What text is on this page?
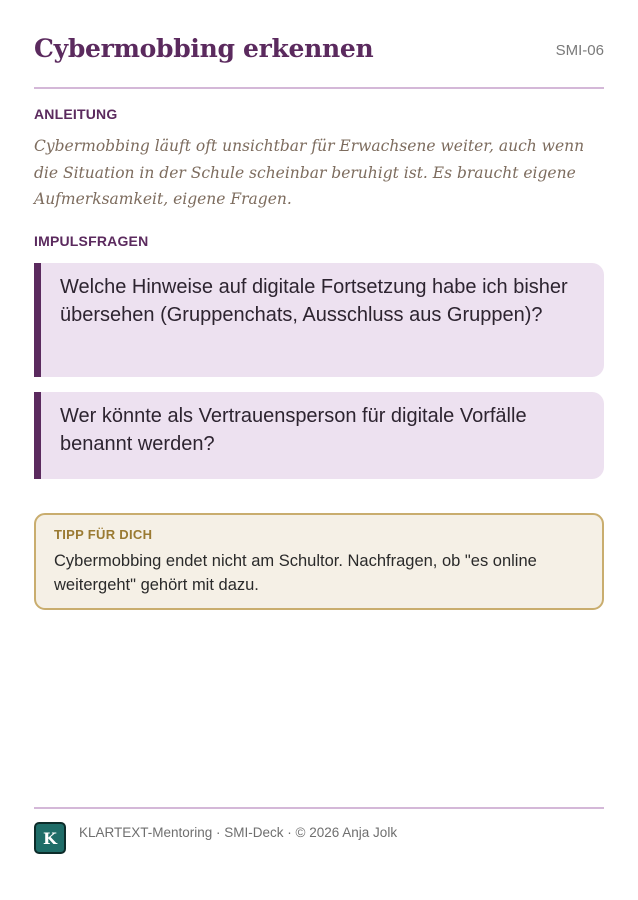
Cybermobbing erkennen	SMI-06
ANLEITUNG

Cybermobbing läuft oft unsichtbar für Erwachsene weiter, auch wenn die Situation in der Schule scheinbar beruhigt ist. Es braucht eigene Aufmerksamkeit, eigene Fragen.

IMPULSFRAGEN
Welche Hinweise auf digitale Fortsetzung habe ich bisher übersehen (Gruppenchats, Ausschluss aus Gruppen)?
Wer könnte als Vertrauensperson für digitale Vorfälle benannt werden?
TIPP FÜR DICH
Cybermobbing endet nicht am Schultor. Nachfragen, ob "es online weitergeht" gehört mit dazu.
K KLARTEXT-Mentoring · SMI-Deck · © 2026 Anja Jolk
